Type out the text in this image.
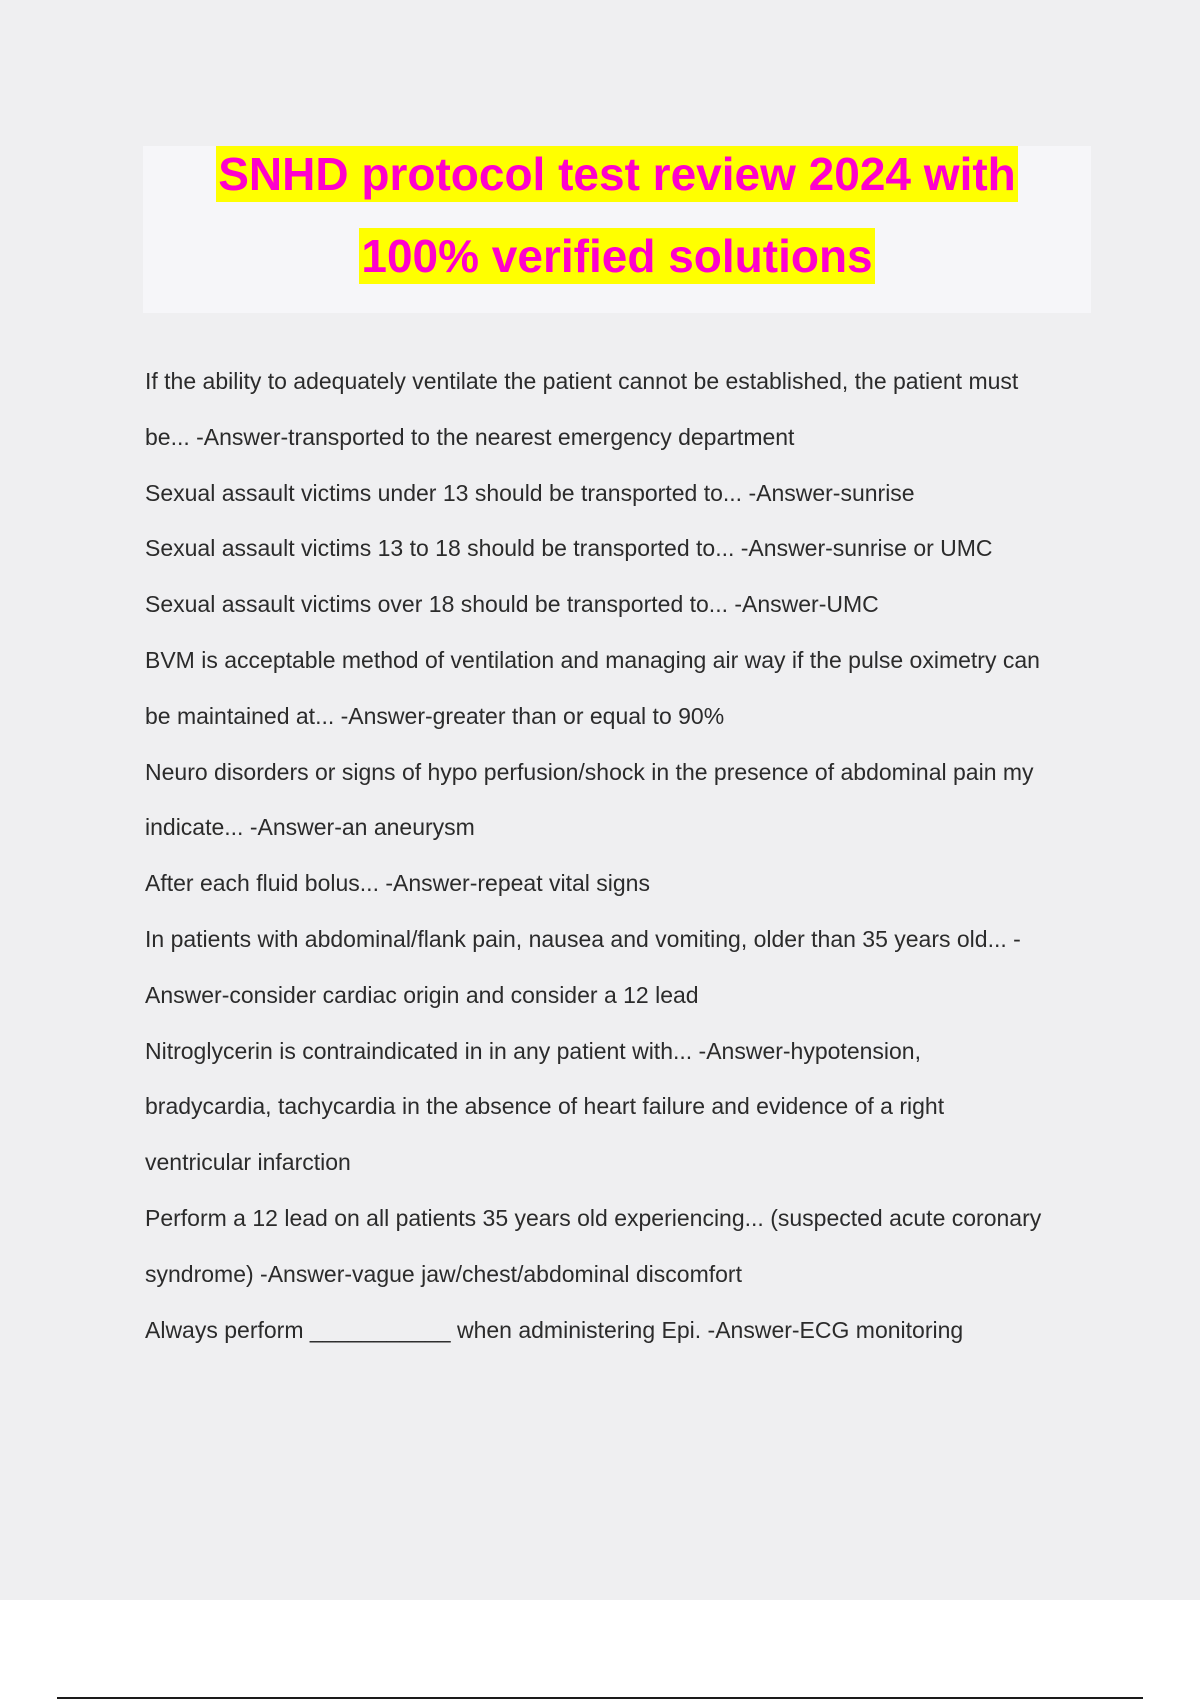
SNHD protocol test review 2024 with
100% verified solutions
If the ability to adequately ventilate the patient cannot be established, the patient must
be... -Answer-transported to the nearest emergency department
Sexual assault victims under 13 should be transported to... -Answer-sunrise
Sexual assault victims 13 to 18 should be transported to... -Answer-sunrise or UMC
Sexual assault victims over 18 should be transported to... -Answer-UMC
BVM is acceptable method of ventilation and managing air way if the pulse oximetry can
be maintained at... -Answer-greater than or equal to 90%
Neuro disorders or signs of hypo perfusion/shock in the presence of abdominal pain my
indicate... -Answer-an aneurysm
After each fluid bolus... -Answer-repeat vital signs
In patients with abdominal/flank pain, nausea and vomiting, older than 35 years old... -
Answer-consider cardiac origin and consider a 12 lead
Nitroglycerin is contraindicated in in any patient with... -Answer-hypotension,
bradycardia, tachycardia in the absence of heart failure and evidence of a right
ventricular infarction
Perform a 12 lead on all patients 35 years old experiencing... (suspected acute coronary
syndrome) -Answer-vague jaw/chest/abdominal discomfort
Always perform ___________ when administering Epi. -Answer-ECG monitoring
